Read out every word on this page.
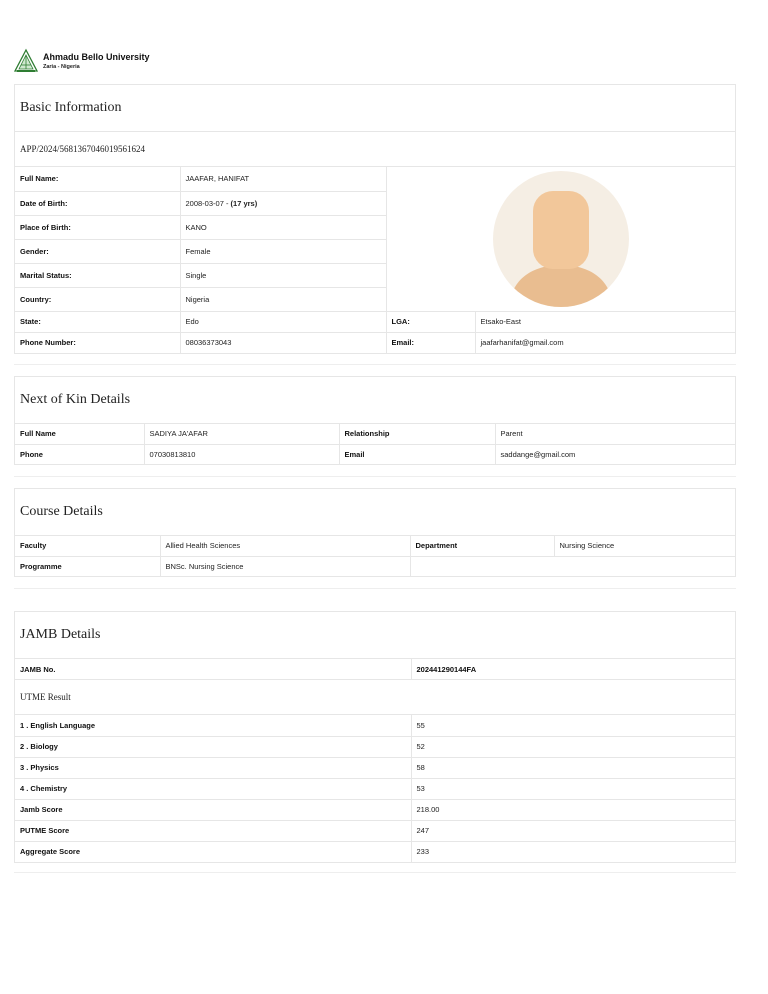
Ahmadu Bello University
Zaria - Nigeria
Basic Information
APP/2024/5681367046019561624
Full Name:	JAAFAR, HANIFAT	

Date of Birth:	2008-03-07 - (17 yrs)		
Place of Birth:	KANO		
Gender:	Female		
Marital Status:	Single		
Country:	Nigeria		
State:	Edo	LGA:	Etsako-East
Phone Number:	08036373043	Email:	jaafarhanifat@gmail.com
Next of Kin Details
Full Name	SADIYA JA'AFAR	Relationship	Parent
Phone	07030813810	Email	saddange@gmail.com
Course Details
Faculty	Allied Health Sciences	Department	Nursing Science
Programme	BNSc. Nursing Science		
JAMB Details
JAMB No.	202441290144FA
UTME Result
1 . English Language	55
2 . Biology	52
3 . Physics	58
4 . Chemistry	53
Jamb Score	218.00
PUTME Score	247
Aggregate Score	233
